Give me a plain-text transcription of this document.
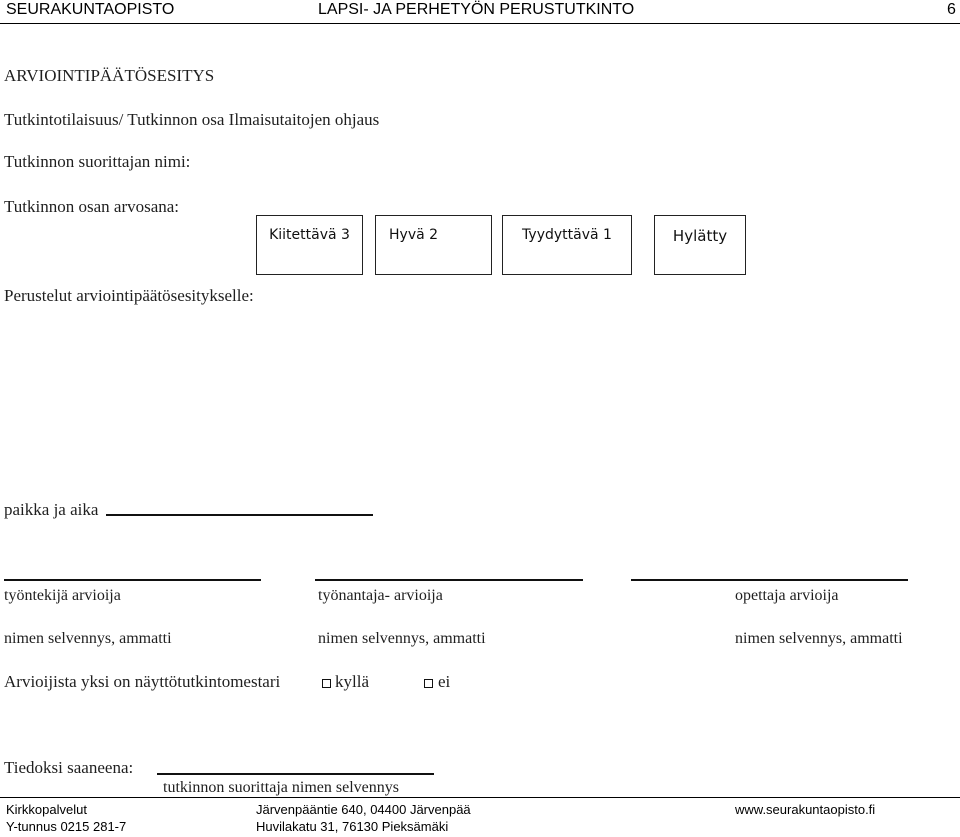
SEURAKUNTAOPISTO	LAPSI- JA PERHETYÖN PERUSTUTKINTO	6
ARVIOINTIPÄÄTÖSESITYS
Tutkintotilaisuus/ Tutkinnon osa Ilmaisutaitojen ohjaus
Tutkinnon suorittajan nimi:
Tutkinnon osan arvosana:
Kiitettävä 3	Hyvä 2	Tyydyttävä 1	Hylätty
Perustelut arviointipäätösesitykselle:
paikka ja aika
työntekijä arvioija	työnantaja- arvioija	opettaja arvioija
nimen selvennys, ammatti	nimen selvennys, ammatti	nimen selvennys, ammatti
Arvioijista yksi on näyttötutkintomestari	kyllä	ei
Tiedoksi saaneena:
tutkinnon suorittaja nimen selvennys
Kirkkopalvelut
Y-tunnus 0215 281-7
Järvenpääntie 640, 04400 Järvenpää
Huvilakatu 31, 76130 Pieksämäki
www.seurakuntaopisto.fi
